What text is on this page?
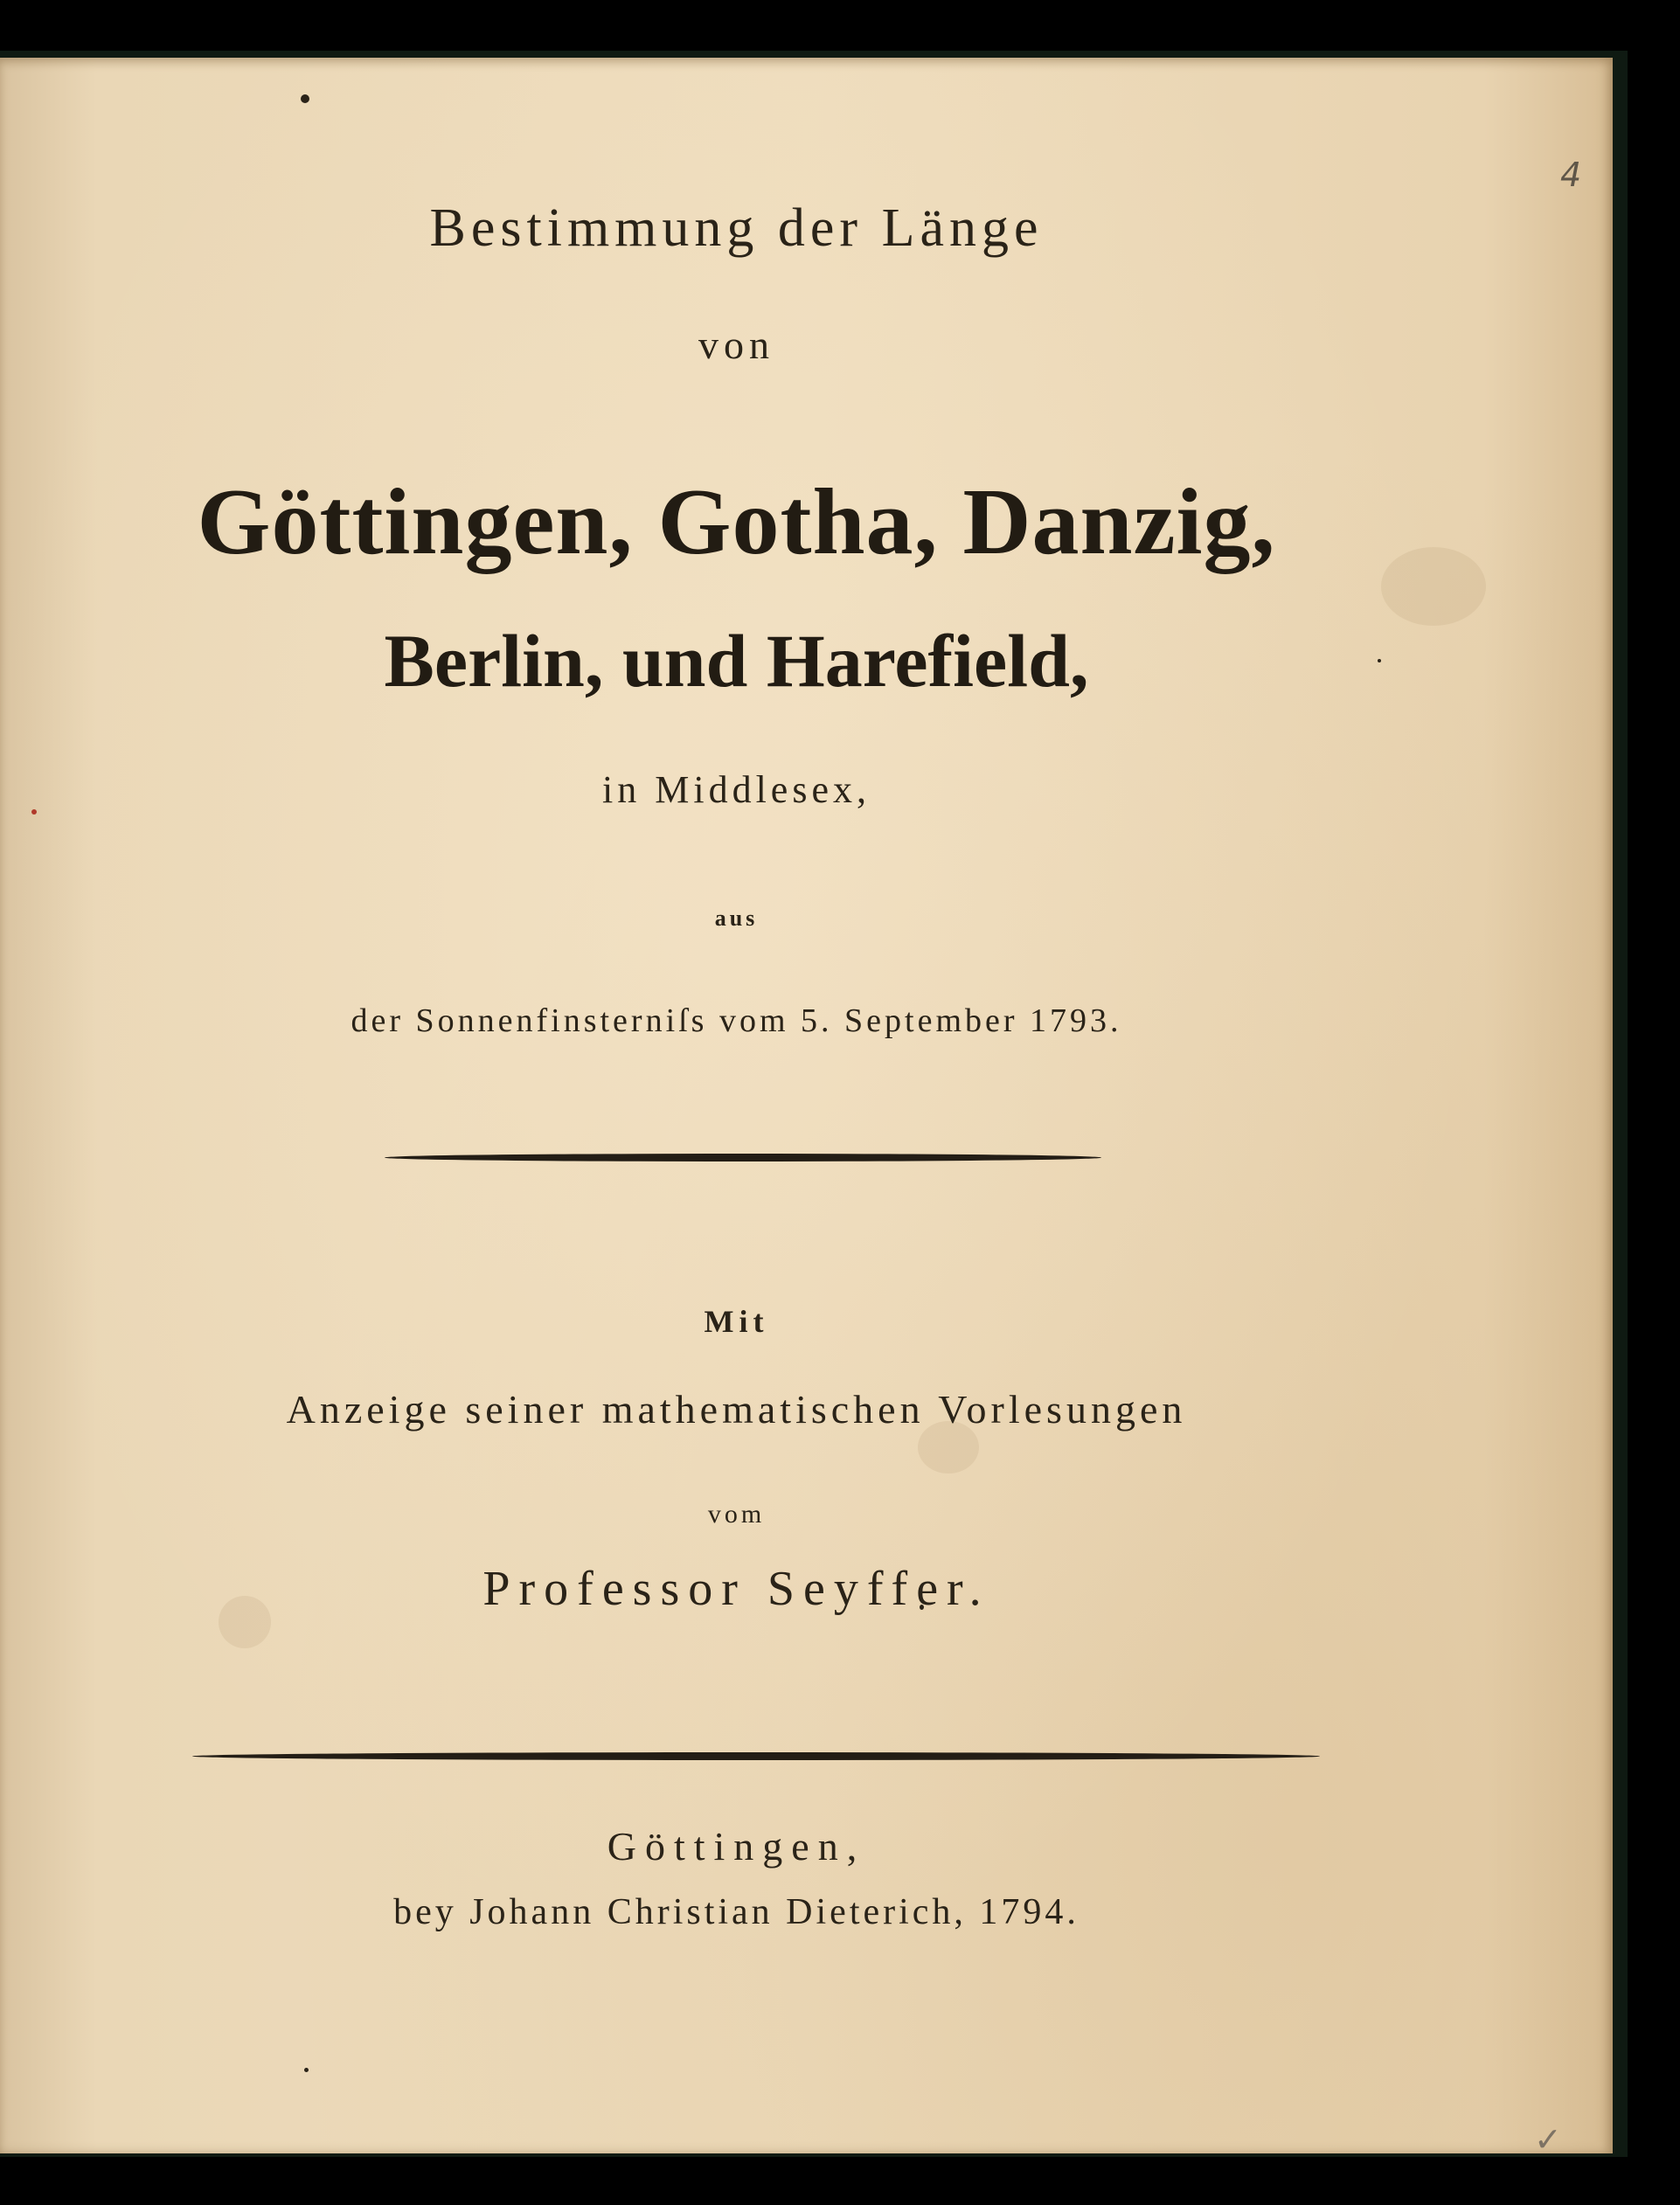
4
Bestimmung der Länge
von
Göttingen, Gotha, Danzig,
Berlin, und Harefield,
in Middlesex,
aus
der Sonnenfinsterniſs vom 5. September 1793.
Mit
Anzeige seiner mathematischen Vorlesungen
vom
Professor Seyffer.
Göttingen,
bey Johann Christian Dieterich, 1794.
✓
